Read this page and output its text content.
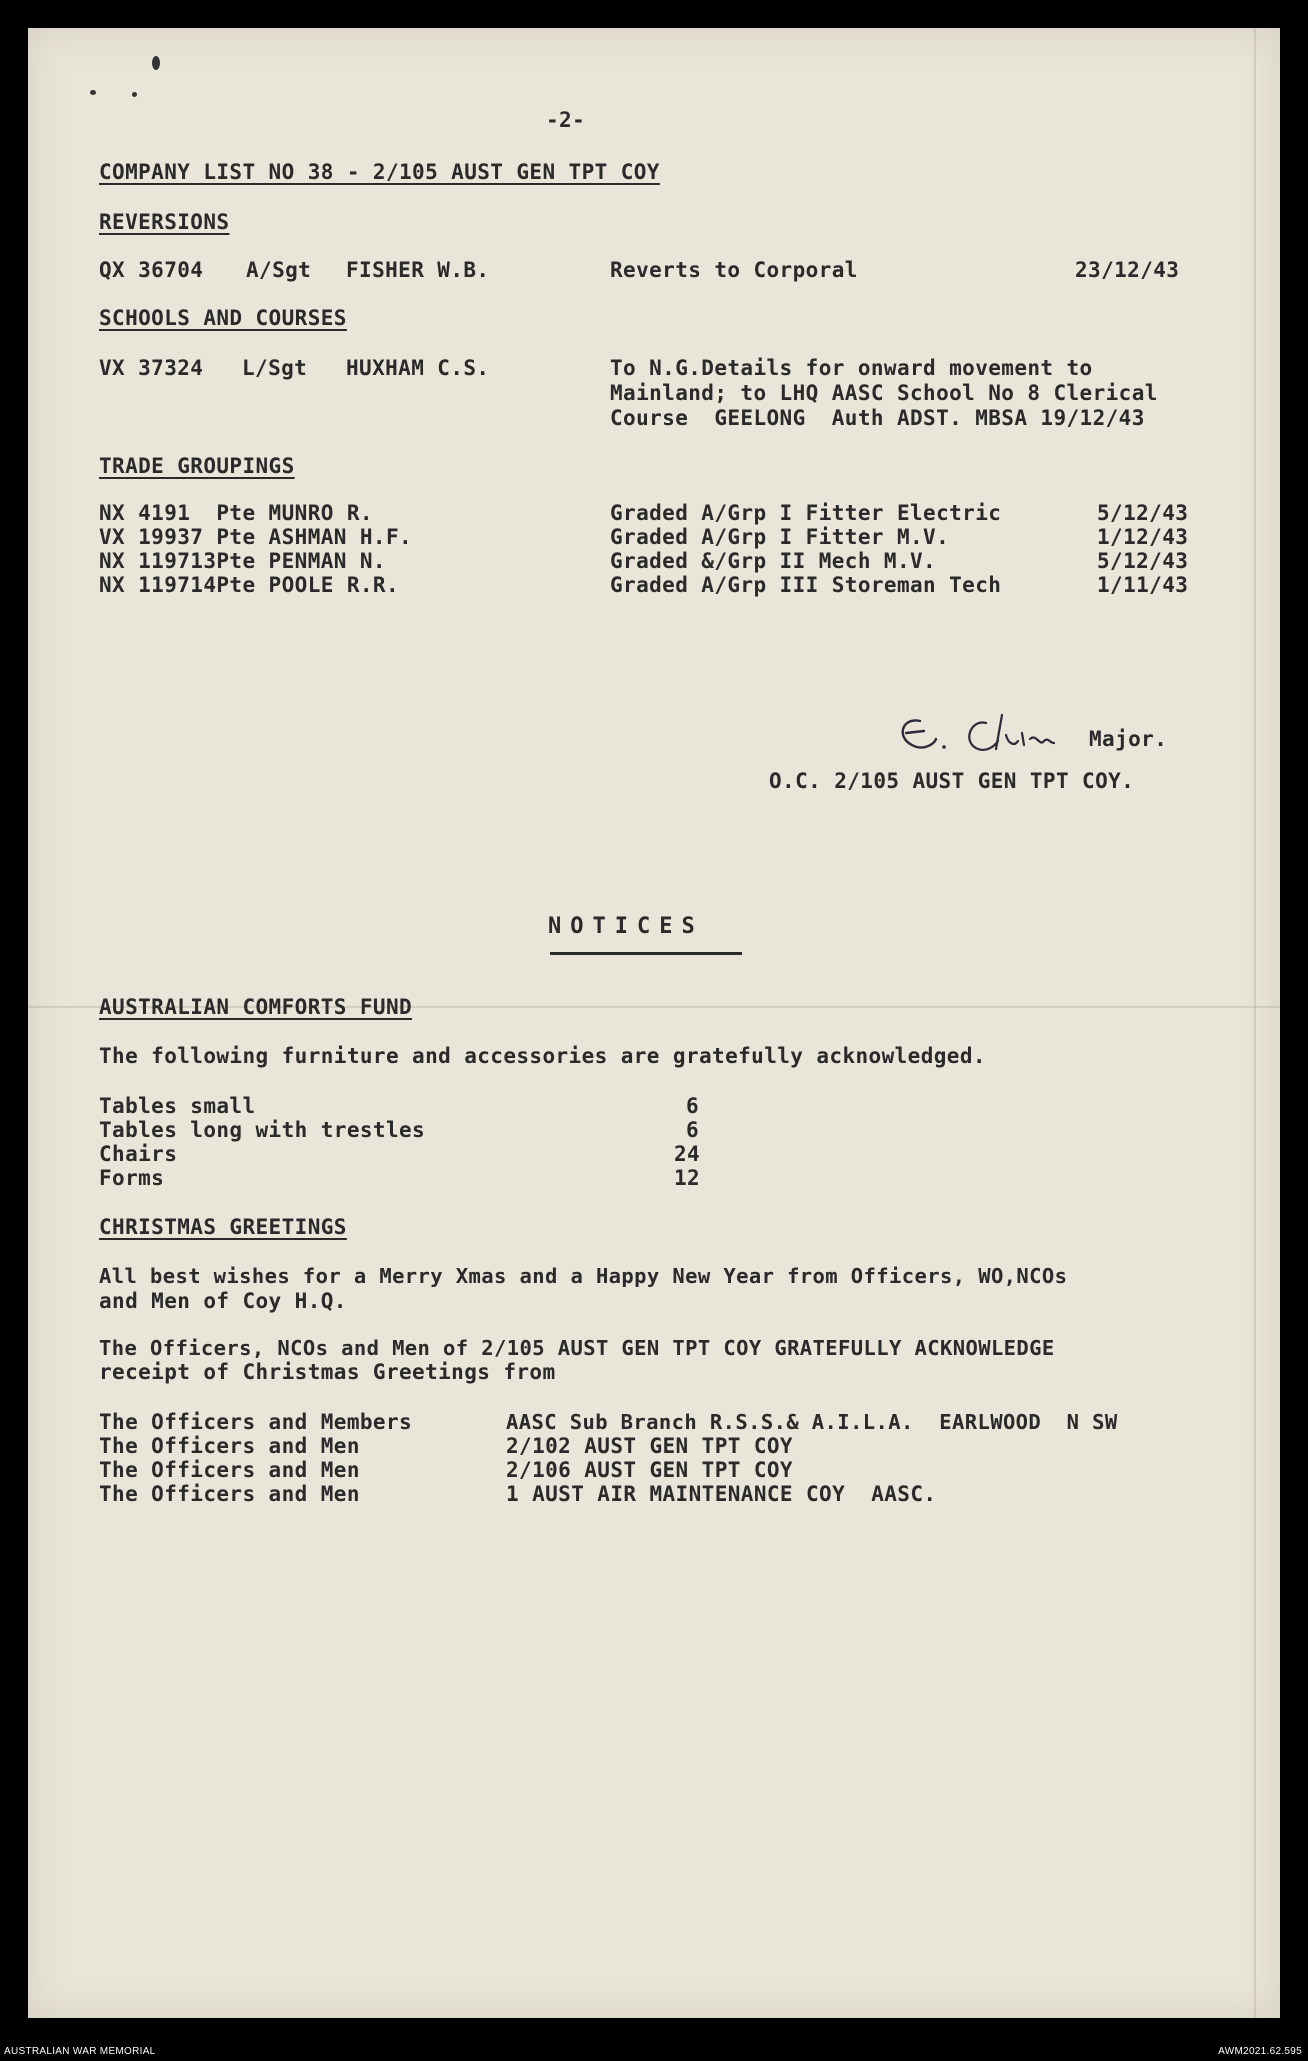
-2-
COMPANY LIST NO 38 - 2/105 AUST GEN TPT COY
REVERSIONS
QX 36704 A/Sgt FISHER W.B.	Reverts to Corporal	23/12/43
SCHOOLS AND COURSES
VX 37324 L/Sgt HUXHAM C.S.	To N.G.Details for onward movement to
Mainland; to LHQ AASC School No 8 Clerical
Course  GEELONG  Auth ADST. MBSA 19/12/43
TRADE GROUPINGS
NX 4191  Pte MUNRO R.	Graded A/Grp I Fitter Electric	5/12/43
VX 19937 Pte ASHMAN H.F.	Graded A/Grp I Fitter M.V.	1/12/43
NX 119713Pte PENMAN N.	Graded &/Grp II Mech M.V.	5/12/43
NX 119714Pte POOLE R.R.	Graded A/Grp III Storeman Tech	1/11/43
Major.
O.C. 2/105 AUST GEN TPT COY.
NOTICES
AUSTRALIAN COMFORTS FUND
The following furniture and accessories are gratefully acknowledged.
Tables small	6
Tables long with trestles	6
Chairs	24
Forms	12
CHRISTMAS GREETINGS
All best wishes for a Merry Xmas and a Happy New Year from Officers, WO,NCOs
and Men of Coy H.Q.
The Officers, NCOs and Men of 2/105 AUST GEN TPT COY GRATEFULLY ACKNOWLEDGE
receipt of Christmas Greetings from
The Officers and Members	AASC Sub Branch R.S.S.& A.I.L.A.  EARLWOOD  N SW
The Officers and Men	2/102 AUST GEN TPT COY
The Officers and Men	2/106 AUST GEN TPT COY
The Officers and Men	1 AUST AIR MAINTENANCE COY  AASC.
AUSTRALIAN WAR MEMORIAL	AWM2021.62.595
